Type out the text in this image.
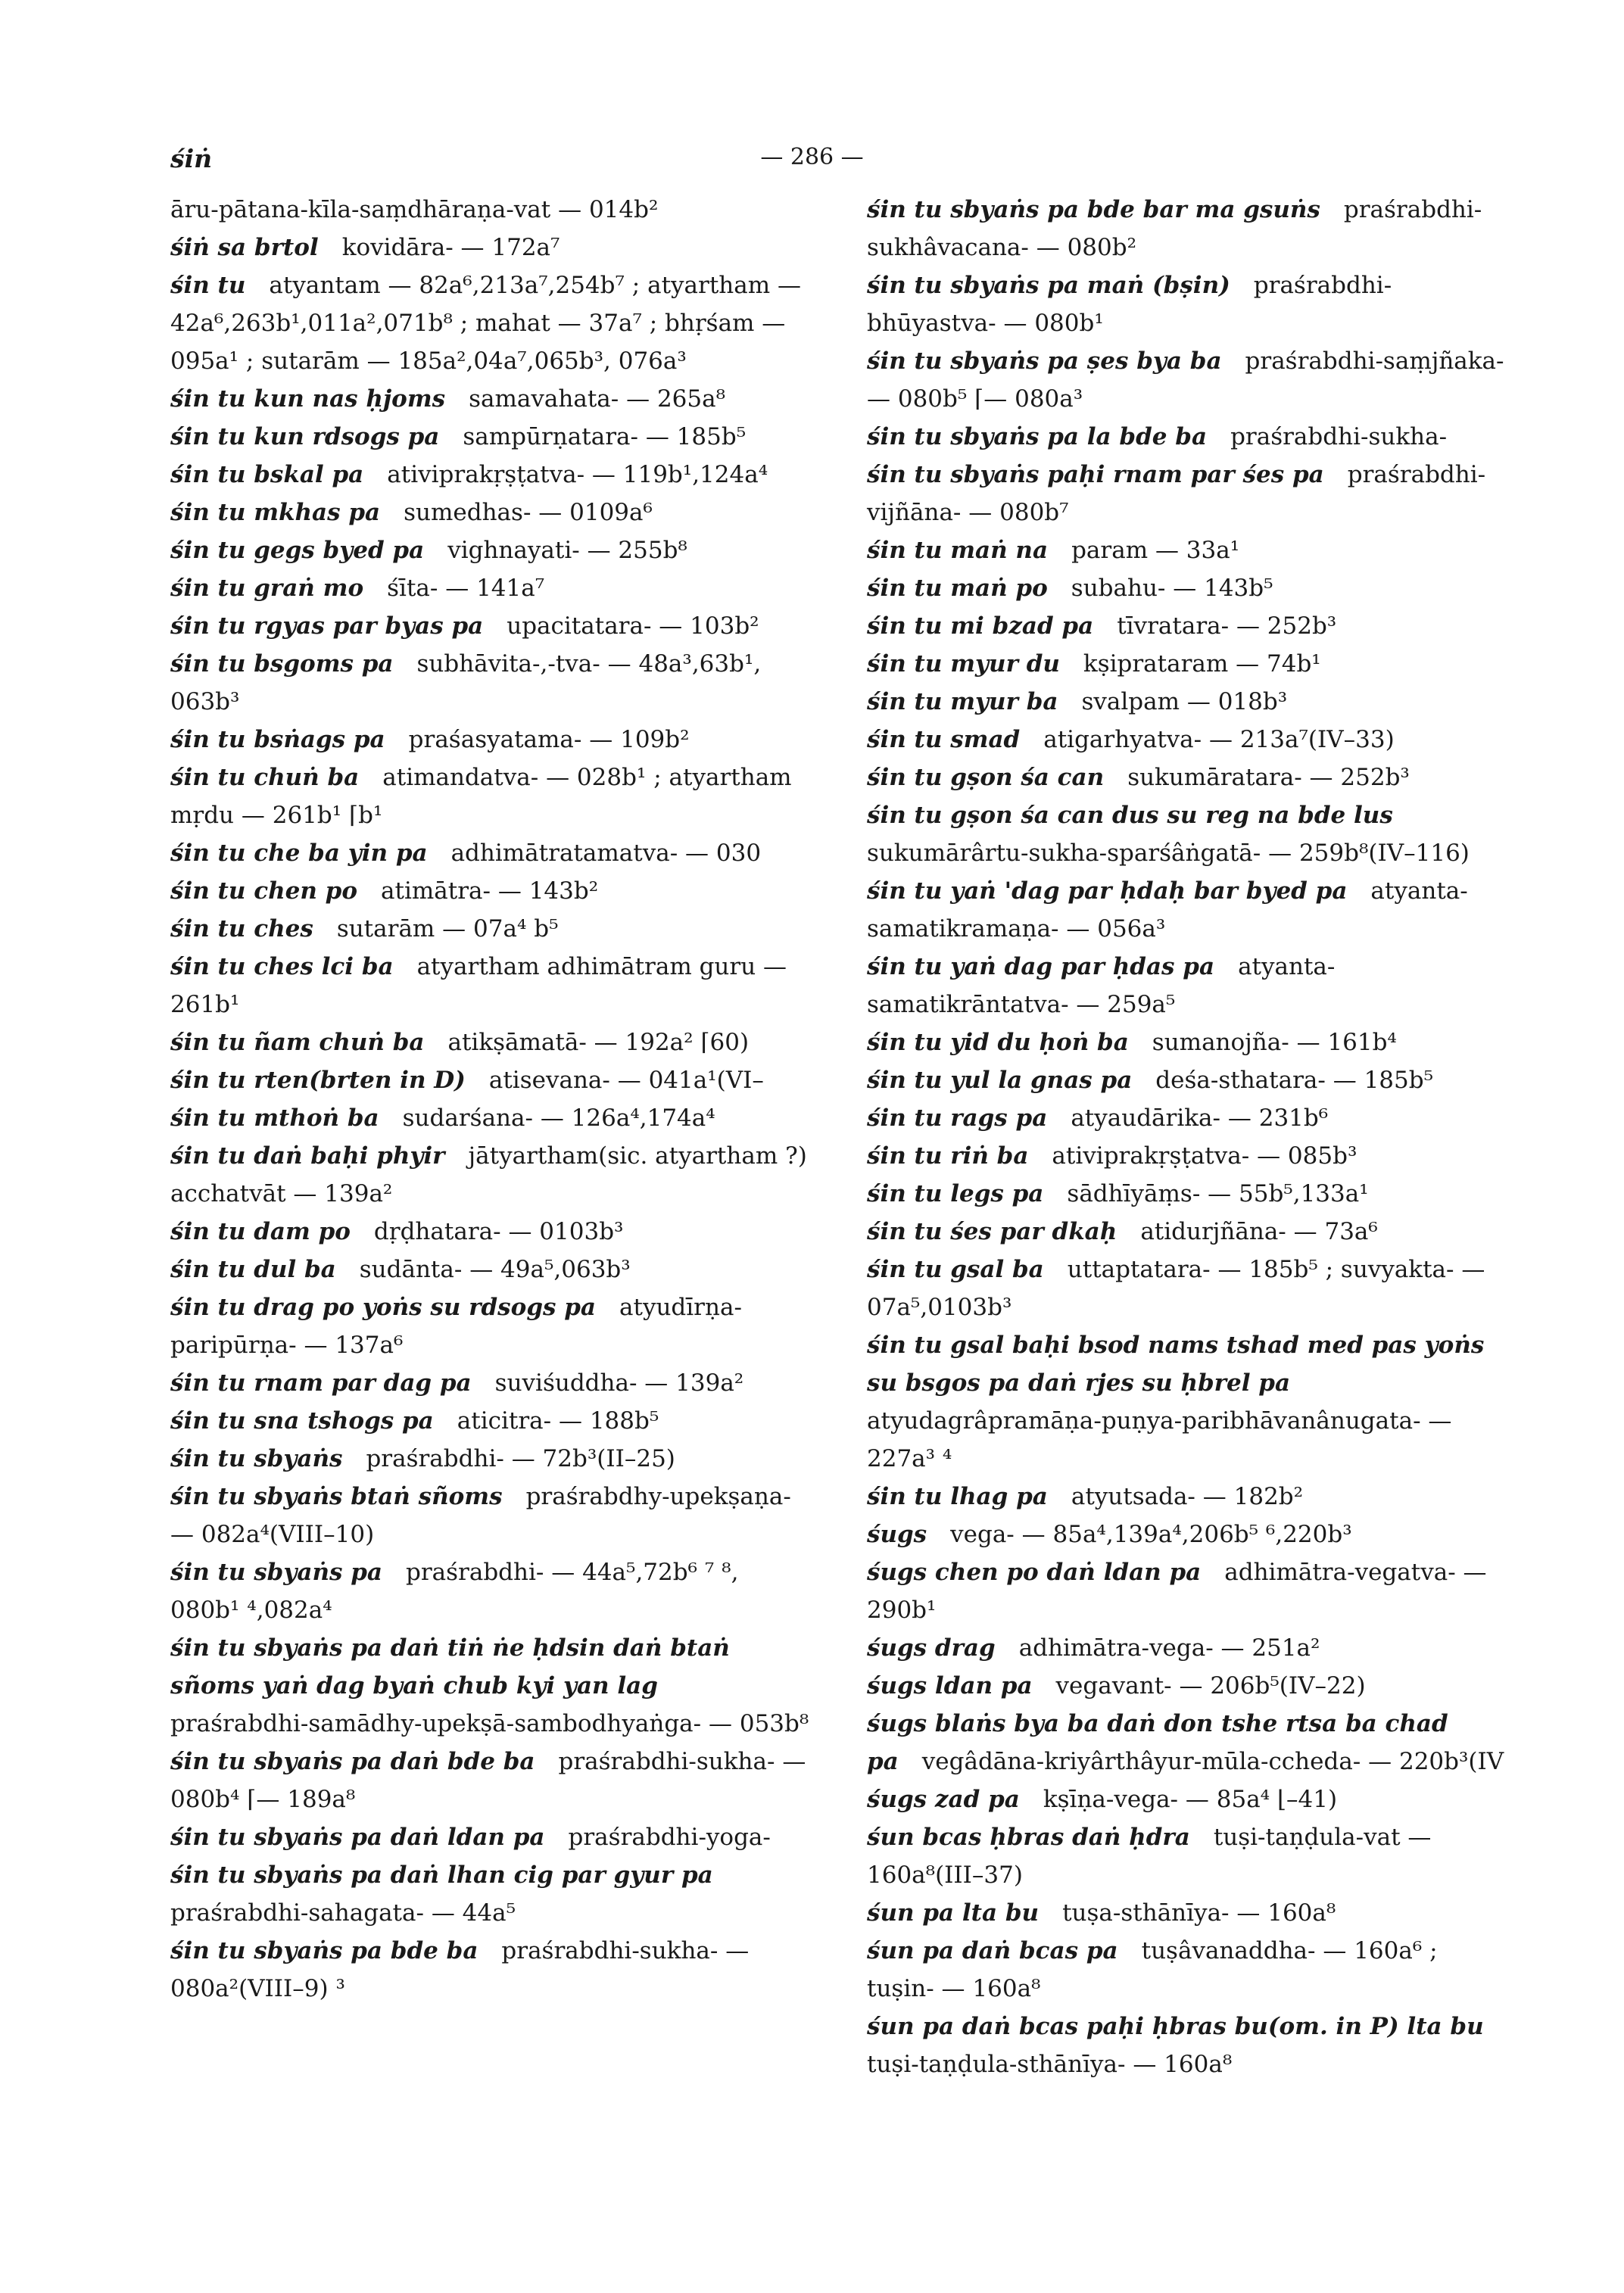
śiṅ	— 286 —
āru-pātana-kīla-saṃdhāraṇa-vat — 014b²
śiṅ sa brtol  kovidāra- — 172a⁷
śin tu  atyantam — 82a⁶,213a⁷,254b⁷ ; atyartham — 42a⁶,263b¹,011a²,071b⁸ ; mahat — 37a⁷ ; bhṛśam — 095a¹ ; sutarām — 185a²,04a⁷,065b³, 076a³
śin tu kun nas ḥjoms  samavahata- — 265a⁸
śin tu kun rdsogs pa  sampūrṇatara- — 185b⁵
śin tu bskal pa  ativiprakṛṣṭatva- — 119b¹,124a⁴
śin tu mkhas pa  sumedhas- — 0109a⁶
śin tu gegs byed pa  vighnayati- — 255b⁸
śin tu graṅ mo  śīta- — 141a⁷
śin tu rgyas par byas pa  upacitatara- — 103b²
śin tu bsgoms pa  subhāvita-,-tva- — 48a³,63b¹, 063b³
śin tu bsṅags pa  praśasyatama- — 109b²
śin tu chuṅ ba  atimandatva- — 028b¹ ; atyartham mṛdu — 261b¹ ⌈b¹
śin tu che ba yin pa  adhimātratamatva- — 030
śin tu chen po  atimātra- — 143b²
śin tu ches  sutarām — 07a⁴ b⁵
śin tu ches lci ba  atyartham adhimātram guru — 261b¹
śin tu ñam chuṅ ba  atikṣāmatā- — 192a² ⌈60)
śin tu rten(brten in D)  atisevana- — 041a¹(VI–
śin tu mthoṅ ba  sudarśana- — 126a⁴,174a⁴
śin tu daṅ baḥi phyir  jātyartham(sic. atyartham ?) acchatvāt — 139a²
śin tu dam po  dṛḍhatara- — 0103b³
śin tu dul ba  sudānta- — 49a⁵,063b³
śin tu drag po yoṅs su rdsogs pa  atyudīrṇa-paripūrṇa- — 137a⁶
śin tu rnam par dag pa  suviśuddha- — 139a²
śin tu sna tshogs pa  aticitra- — 188b⁵
śin tu sbyaṅs  praśrabdhi- — 72b³(II–25)
śin tu sbyaṅs btaṅ sñoms  praśrabdhy-upekṣaṇa- — 082a⁴(VIII–10)
śin tu sbyaṅs pa  praśrabdhi- — 44a⁵,72b⁶ ⁷ ⁸, 080b¹ ⁴,082a⁴
śin tu sbyaṅs pa daṅ tiṅ ṅe ḥdsin daṅ btaṅ sñoms yaṅ dag byaṅ chub kyi yan lag praśrabdhi-samādhy-upekṣā-sambodhyaṅga- — 053b⁸
śin tu sbyaṅs pa daṅ bde ba  praśrabdhi-sukha- — 080b⁴ ⌈— 189a⁸
śin tu sbyaṅs pa daṅ ldan pa  praśrabdhi-yoga-
śin tu sbyaṅs pa daṅ lhan cig par gyur pa praśrabdhi-sahagata- — 44a⁵
śin tu sbyaṅs pa bde ba  praśrabdhi-sukha- — 080a²(VIII–9) ³
śin tu sbyaṅs pa bde bar ma gsuṅs  praśrabdhi-sukhâvacana- — 080b²
śin tu sbyaṅs pa maṅ (bṣin)  praśrabdhi-bhūyastva- — 080b¹
śin tu sbyaṅs pa ṣes bya ba  praśrabdhi-saṃjñaka- — 080b⁵ ⌈— 080a³
śin tu sbyaṅs pa la bde ba  praśrabdhi-sukha-
śin tu sbyaṅs paḥi rnam par śes pa  praśrabdhi-vijñāna- — 080b⁷
śin tu maṅ na  param — 33a¹
śin tu maṅ po  subahu- — 143b⁵
śin tu mi bzad pa  tīvratara- — 252b³
śin tu myur du  kṣiprataram — 74b¹
śin tu myur ba  svalpam — 018b³
śin tu smad  atigarhyatva- — 213a⁷(IV–33)
śin tu gṣon śa can  sukumāratara- — 252b³
śin tu gṣon śa can dus su reg na bde lus sukumārârtu-sukha-sparśâṅgatā- — 259b⁸(IV–116)
śin tu yaṅ 'dag par ḥdaḥ bar byed pa  atyanta-samatikramaṇa- — 056a³
śin tu yaṅ dag par ḥdas pa  atyanta-samatikrāntatva- — 259a⁵
śin tu yid du ḥoṅ ba  sumanojña- — 161b⁴
śin tu yul la gnas pa  deśa-sthatara- — 185b⁵
śin tu rags pa  atyaudārika- — 231b⁶
śin tu riṅ ba  ativiprakṛṣṭatva- — 085b³
śin tu legs pa  sādhīyāṃs- — 55b⁵,133a¹
śin tu śes par dkaḥ  atidurjñāna- — 73a⁶
śin tu gsal ba  uttaptatara- — 185b⁵ ; suvyakta- — 07a⁵,0103b³
śin tu gsal baḥi bsod nams tshad med pas yoṅs su bsgos pa daṅ rjes su ḥbrel pa atyudagrâpramāṇa-puṇya-paribhāvanânugata- — 227a³ ⁴
śin tu lhag pa  atyutsada- — 182b²
śugs  vega- — 85a⁴,139a⁴,206b⁵ ⁶,220b³
śugs chen po daṅ ldan pa  adhimātra-vegatva- — 290b¹
śugs drag  adhimātra-vega- — 251a²
śugs ldan pa  vegavant- — 206b⁵(IV–22)
śugs blaṅs bya ba daṅ don tshe rtsa ba chad pa  vegâdāna-kriyârthâyur-mūla-ccheda- — 220b³(IV
śugs zad pa  kṣīṇa-vega- — 85a⁴ ⌊–41)
śun bcas ḥbras daṅ ḥdra  tuṣi-taṇḍula-vat — 160a⁸(III–37)
śun pa lta bu  tuṣa-sthānīya- — 160a⁸
śun pa daṅ bcas pa  tuṣâvanaddha- — 160a⁶ ; tuṣin- — 160a⁸
śun pa daṅ bcas paḥi ḥbras bu(om. in P) lta bu tuṣi-taṇḍula-sthānīya- — 160a⁸
